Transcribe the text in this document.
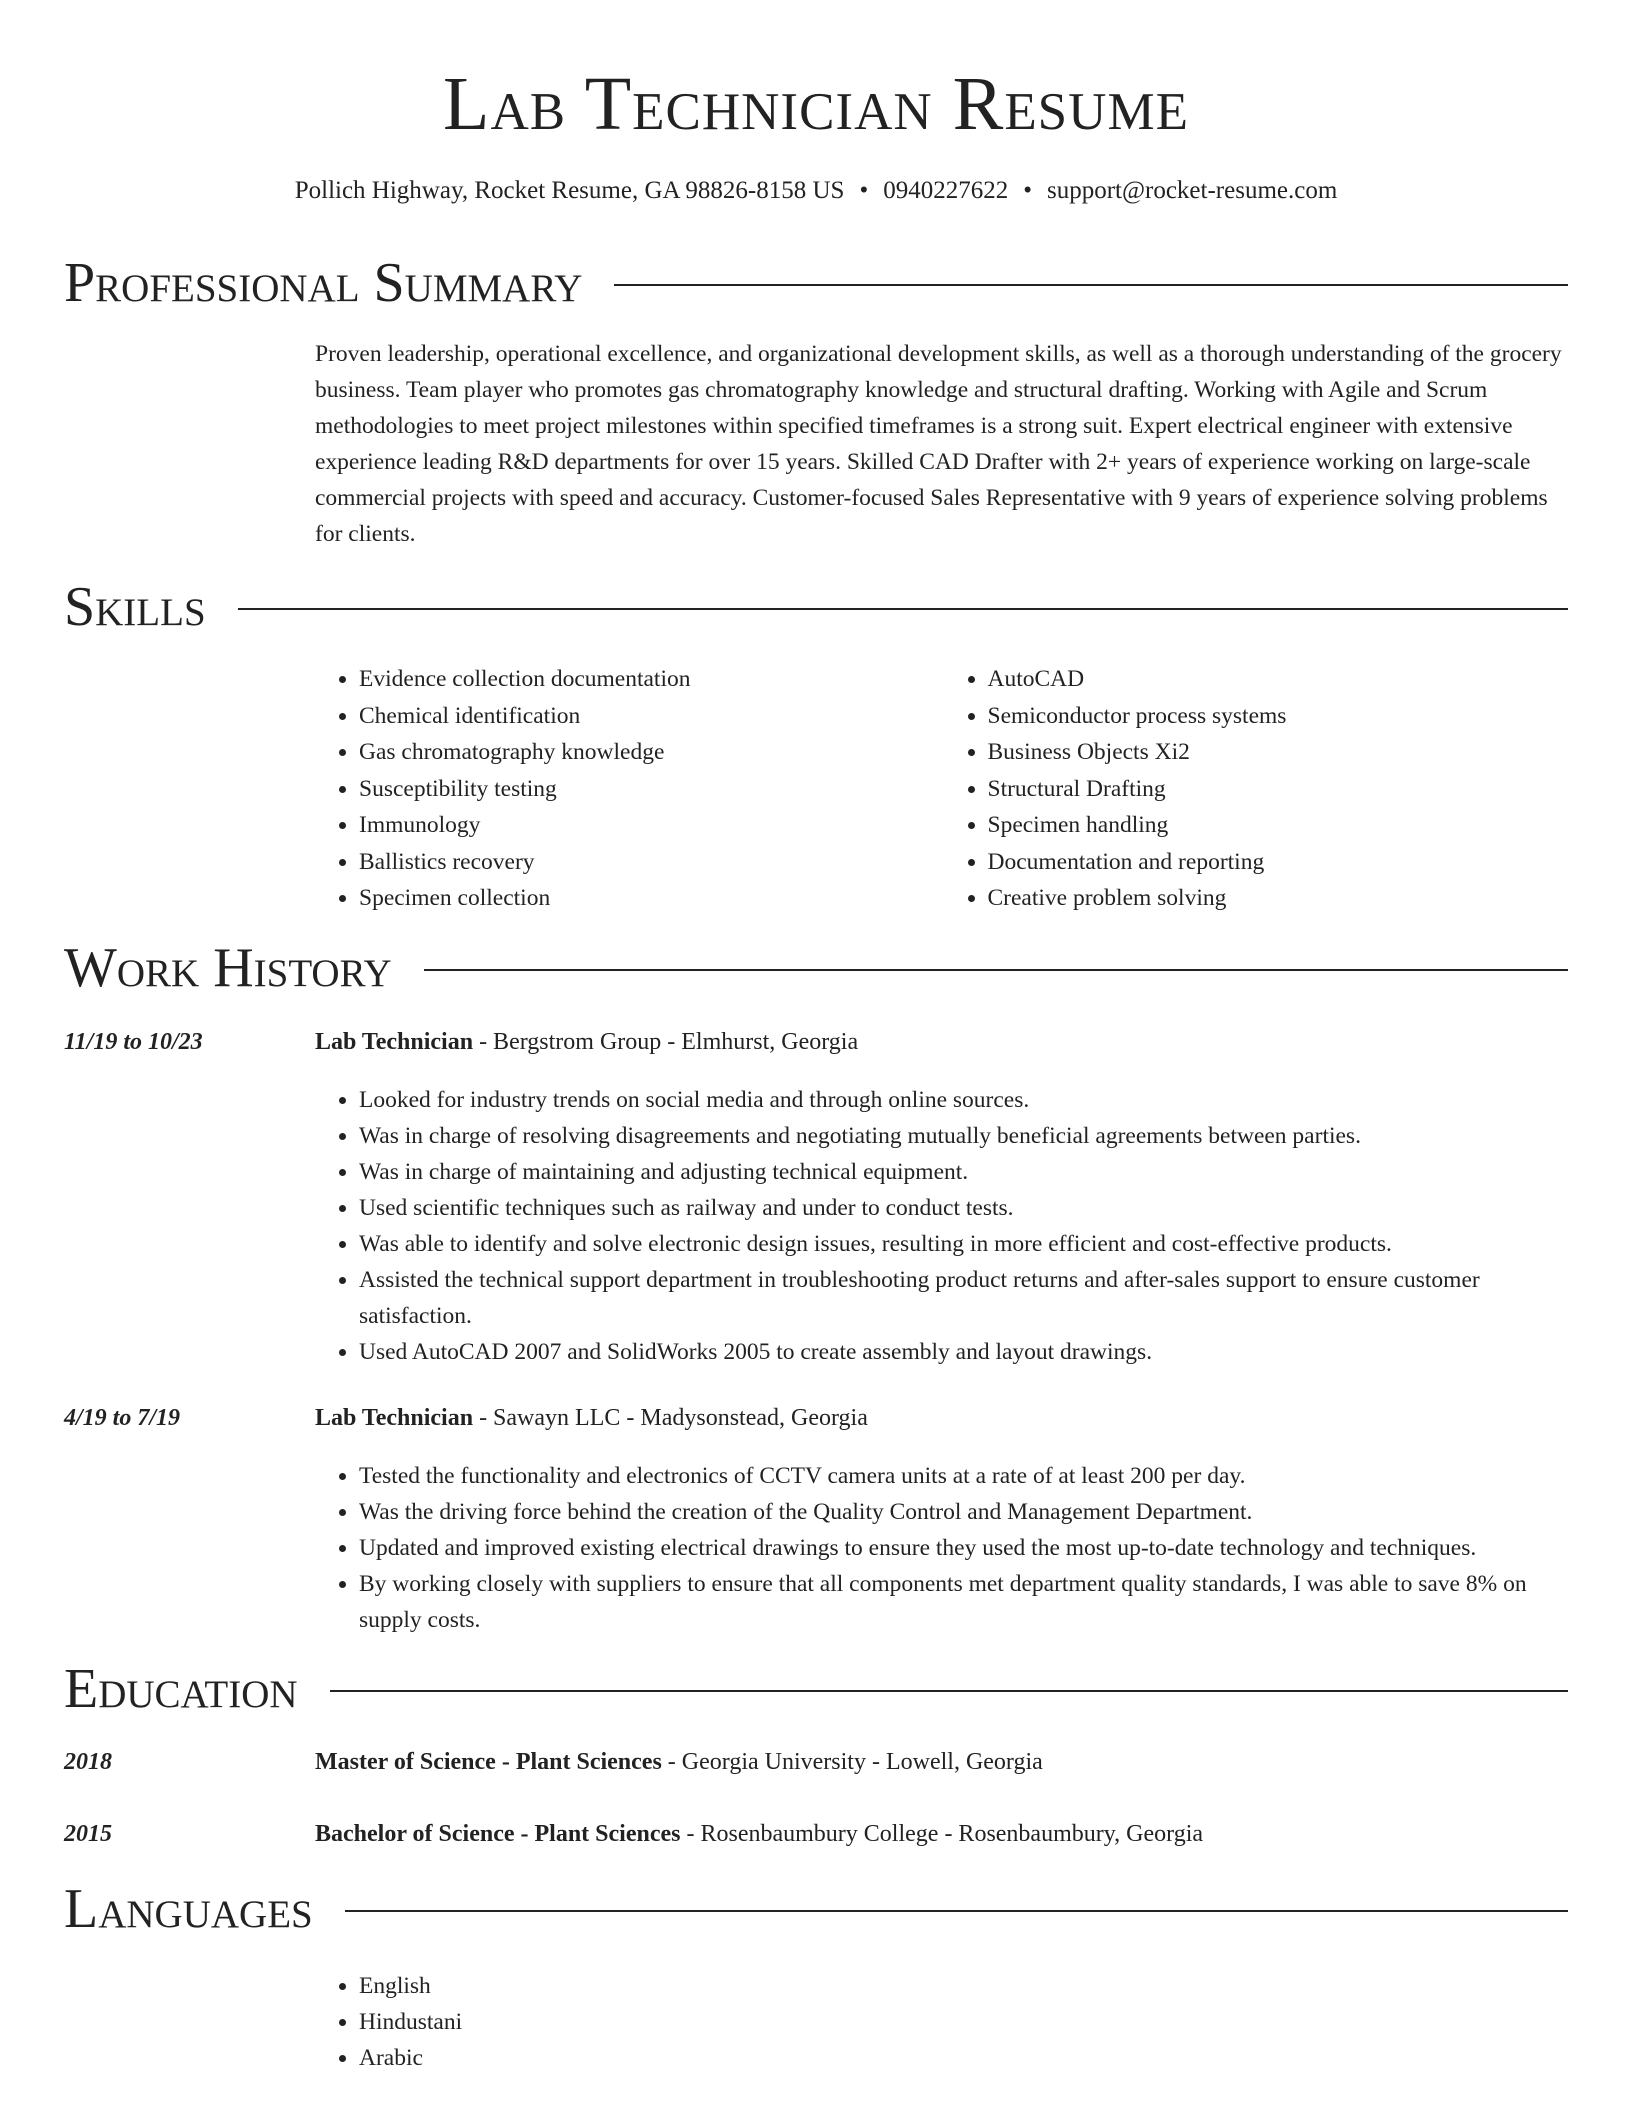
Lab Technician Resume
Pollich Highway, Rocket Resume, GA 98826-8158 US • 0940227622 • support@rocket-resume.com
Professional Summary
Proven leadership, operational excellence, and organizational development skills, as well as a thorough understanding of the grocery business. Team player who promotes gas chromatography knowledge and structural drafting. Working with Agile and Scrum methodologies to meet project milestones within specified timeframes is a strong suit. Expert electrical engineer with extensive experience leading R&D departments for over 15 years. Skilled CAD Drafter with 2+ years of experience working on large-scale commercial projects with speed and accuracy. Customer-focused Sales Representative with 9 years of experience solving problems for clients.
Skills
• Evidence collection documentation
• Chemical identification
• Gas chromatography knowledge
• Susceptibility testing
• Immunology
• Ballistics recovery
• Specimen collection
• AutoCAD
• Semiconductor process systems
• Business Objects Xi2
• Structural Drafting
• Specimen handling
• Documentation and reporting
• Creative problem solving
Work History
11/19 to 10/23	Lab Technician - Bergstrom Group - Elmhurst, Georgia
• Looked for industry trends on social media and through online sources.
• Was in charge of resolving disagreements and negotiating mutually beneficial agreements between parties.
• Was in charge of maintaining and adjusting technical equipment.
• Used scientific techniques such as railway and under to conduct tests.
• Was able to identify and solve electronic design issues, resulting in more efficient and cost-effective products.
• Assisted the technical support department in troubleshooting product returns and after-sales support to ensure customer satisfaction.
• Used AutoCAD 2007 and SolidWorks 2005 to create assembly and layout drawings.
4/19 to 7/19	Lab Technician - Sawayn LLC - Madysonstead, Georgia
• Tested the functionality and electronics of CCTV camera units at a rate of at least 200 per day.
• Was the driving force behind the creation of the Quality Control and Management Department.
• Updated and improved existing electrical drawings to ensure they used the most up-to-date technology and techniques.
• By working closely with suppliers to ensure that all components met department quality standards, I was able to save 8% on supply costs.
Education
2018	Master of Science - Plant Sciences - Georgia University - Lowell, Georgia
2015	Bachelor of Science - Plant Sciences - Rosenbaumbury College - Rosenbaumbury, Georgia
Languages
• English
• Hindustani
• Arabic
